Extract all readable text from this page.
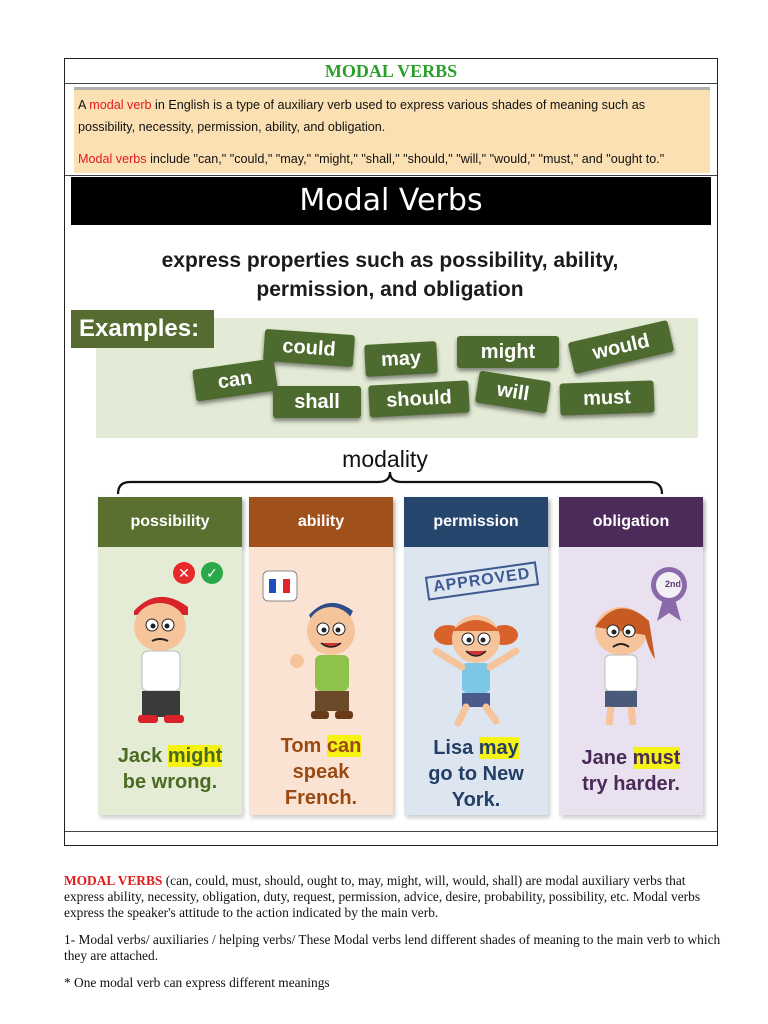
MODAL VERBS
A modal verb in English is a type of auxiliary verb used to express various shades of meaning such as
possibility, necessity, permission, ability, and obligation.
Modal verbs include "can," "could," "may," "might," "shall," "should," "will," "would," "must," and "ought to."
Modal Verbs
express properties such as possibility, ability,
permission, and obligation
Examples:
could	may	might	would
can
shall	should	will	must
modality
possibility
✕ ✓
Jack might
be wrong.
ability
Tom can
speak French.
permission
APPROVED
Lisa may
go to New York.
obligation
2nd
Jane must
try harder.
MODAL VERBS (can, could, must, should, ought to, may, might, will, would, shall) are modal auxiliary verbs that express ability, necessity, obligation, duty, request, permission, advice, desire, probability, possibility, etc. Modal verbs express the speaker's attitude to the action indicated by the main verb.
1- Modal verbs/ auxiliaries / helping verbs/ These Modal verbs lend different shades of meaning to the main verb to which they are attached.
* One modal verb can express different meanings
